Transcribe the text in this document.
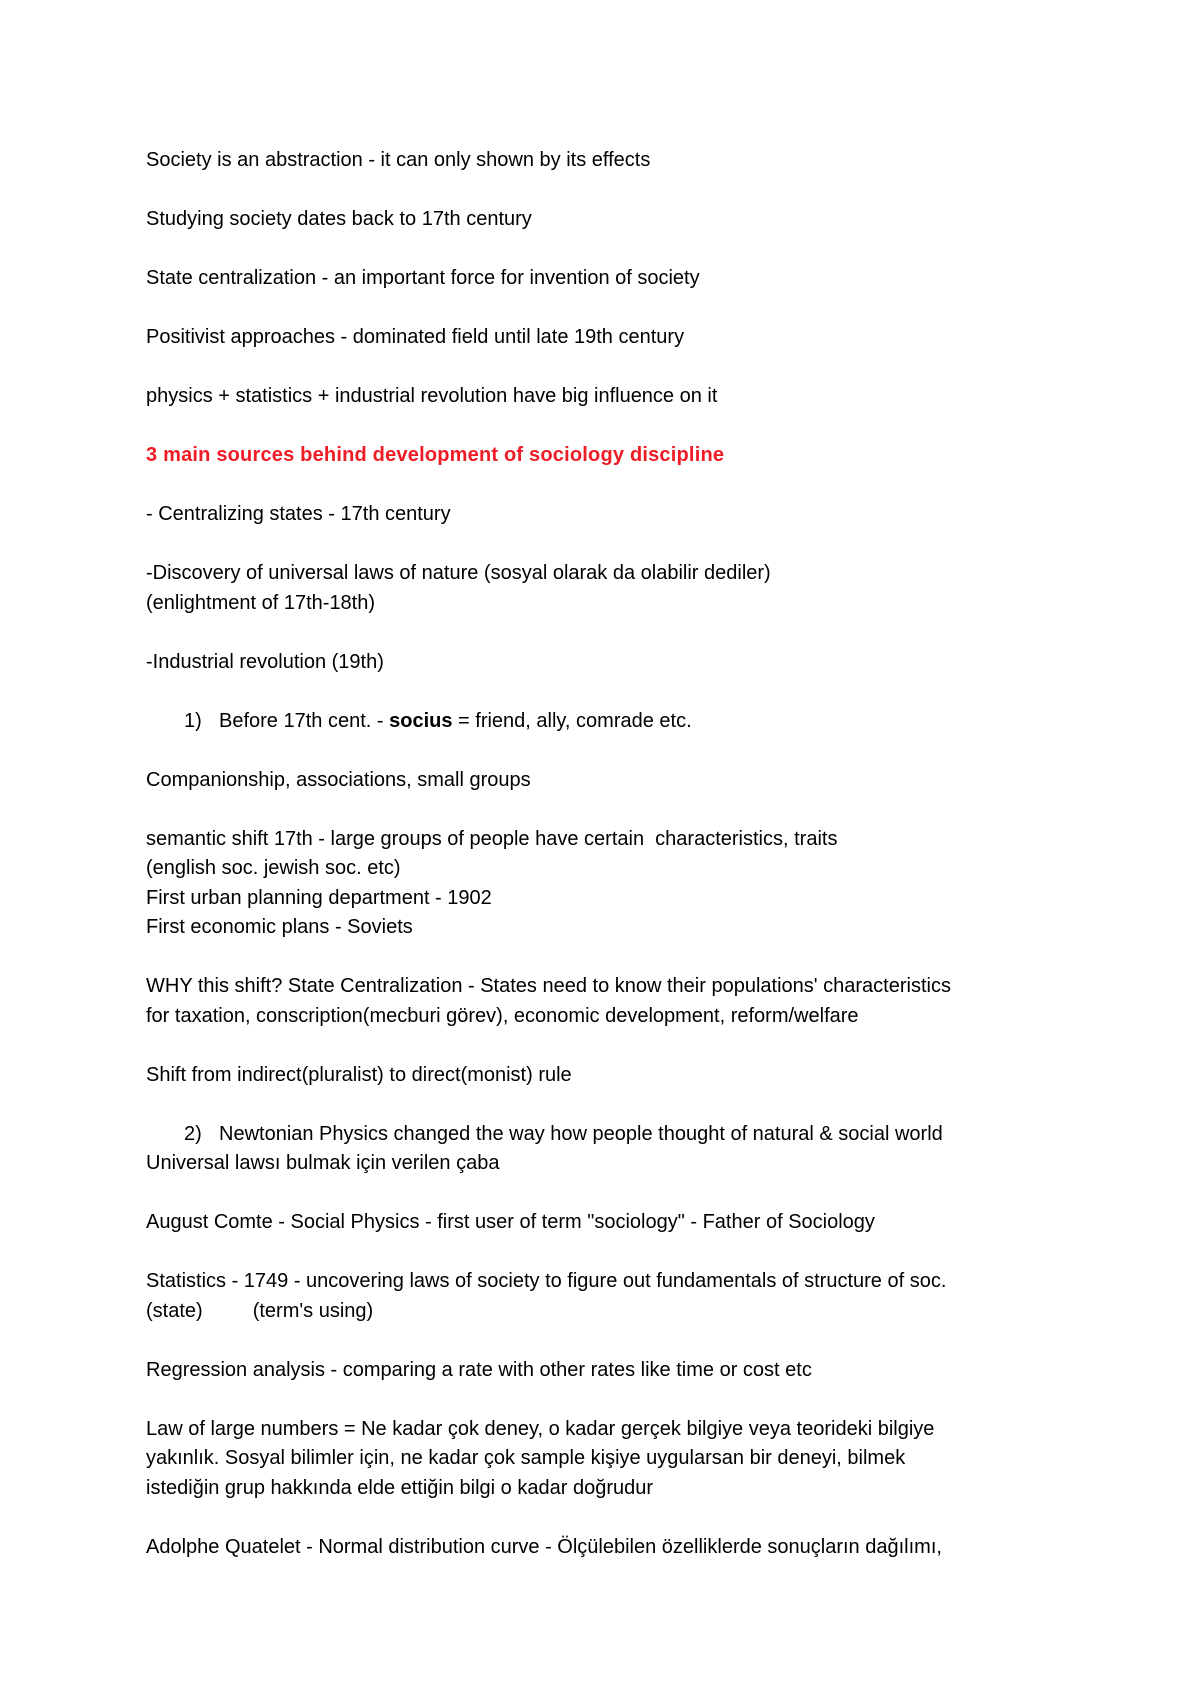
Society is an abstraction - it can only shown by its effects
Studying society dates back to 17th century
State centralization - an important force for invention of society
Positivist approaches - dominated field until late 19th century
physics + statistics + industrial revolution have big influence on it
3 main sources behind development of sociology discipline
- Centralizing states - 17th century
-Discovery of universal laws of nature (sosyal olarak da olabilir dediler)
(enlightment of 17th-18th)
-Industrial revolution (19th)
1) Before 17th cent. - socius = friend, ally, comrade etc.
Companionship, associations, small groups
semantic shift 17th - large groups of people have certain  characteristics, traits
(english soc. jewish soc. etc)
First urban planning department - 1902
First economic plans - Soviets
WHY this shift? State Centralization - States need to know their populations' characteristics
for taxation, conscription(mecburi görev), economic development, reform/welfare
Shift from indirect(pluralist) to direct(monist) rule
2) Newtonian Physics changed the way how people thought of natural & social world
Universal lawsı bulmak için verilen çaba
August Comte - Social Physics - first user of term "sociology" - Father of Sociology
Statistics - 1749 - uncovering laws of society to figure out fundamentals of structure of soc.
(state)         (term's using)
Regression analysis - comparing a rate with other rates like time or cost etc
Law of large numbers = Ne kadar çok deney, o kadar gerçek bilgiye veya teorideki bilgiye
yakınlık. Sosyal bilimler için, ne kadar çok sample kişiye uygularsan bir deneyi, bilmek
istediğin grup hakkında elde ettiğin bilgi o kadar doğrudur
Adolphe Quatelet - Normal distribution curve - Ölçülebilen özelliklerde sonuçların dağılımı,
